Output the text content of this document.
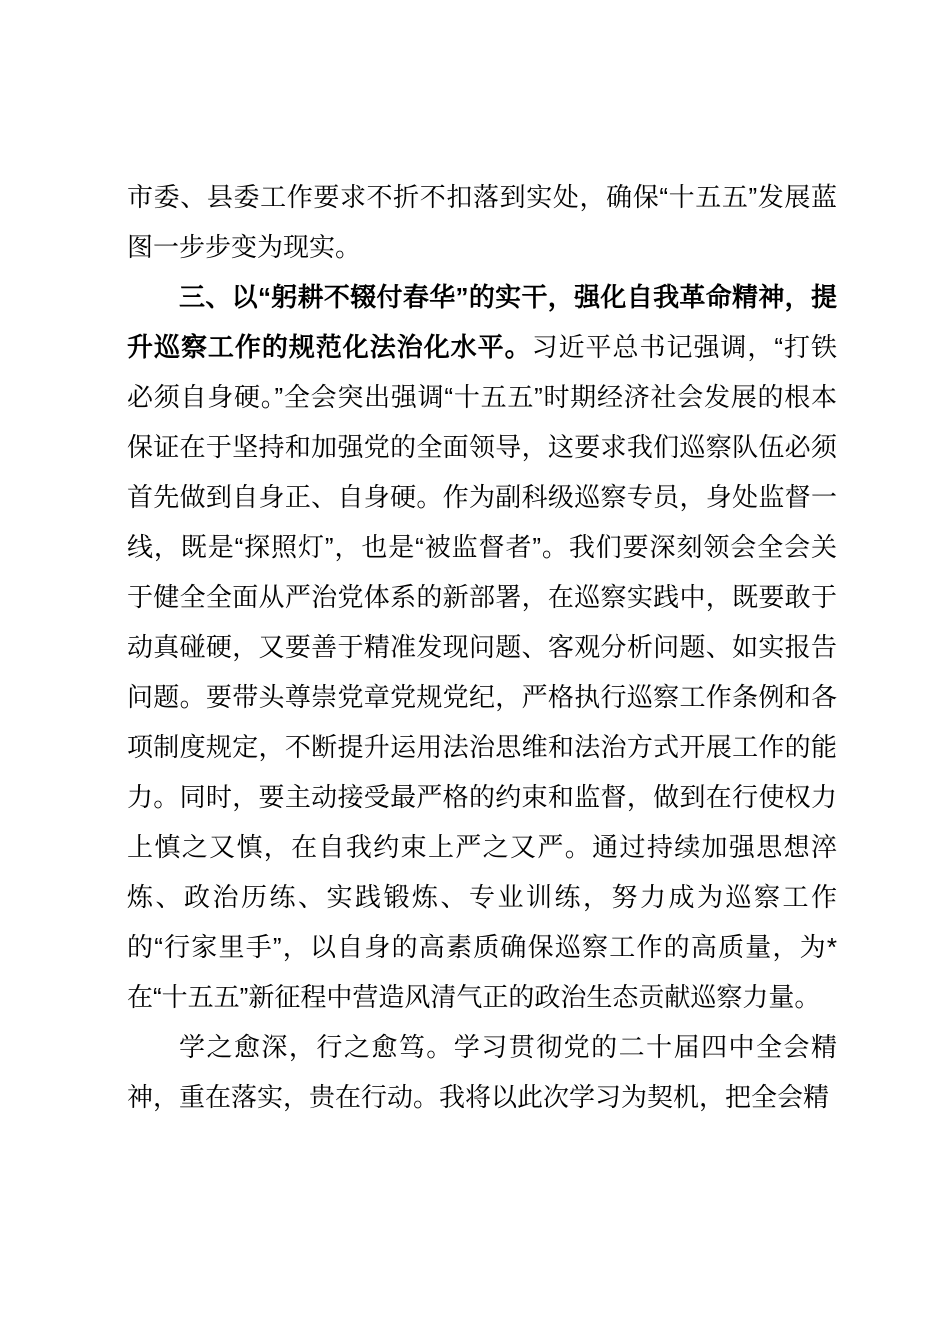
市委、县委工作要求不折不扣落到实处，确保“十五五”发展蓝图一步步变为现实。

三、以“躬耕不辍付春华”的实干，强化自我革命精神，提升巡察工作的规范化法治化水平。习近平总书记强调，“打铁必须自身硬。”全会突出强调“十五五”时期经济社会发展的根本保证在于坚持和加强党的全面领导，这要求我们巡察队伍必须首先做到自身正、自身硬。作为副科级巡察专员，身处监督一线，既是“探照灯”，也是“被监督者”。我们要深刻领会全会关于健全全面从严治党体系的新部署，在巡察实践中，既要敢于动真碰硬，又要善于精准发现问题、客观分析问题、如实报告问题。要带头尊崇党章党规党纪，严格执行巡察工作条例和各项制度规定，不断提升运用法治思维和法治方式开展工作的能力。同时，要主动接受最严格的约束和监督，做到在行使权力上慎之又慎，在自我约束上严之又严。通过持续加强思想淬炼、政治历练、实践锻炼、专业训练，努力成为巡察工作的“行家里手”，以自身的高素质确保巡察工作的高质量，为*在“十五五”新征程中营造风清气正的政治生态贡献巡察力量。

学之愈深，行之愈笃。学习贯彻党的二十届四中全会精神，重在落实，贵在行动。我将以此次学习为契机，把全会精
